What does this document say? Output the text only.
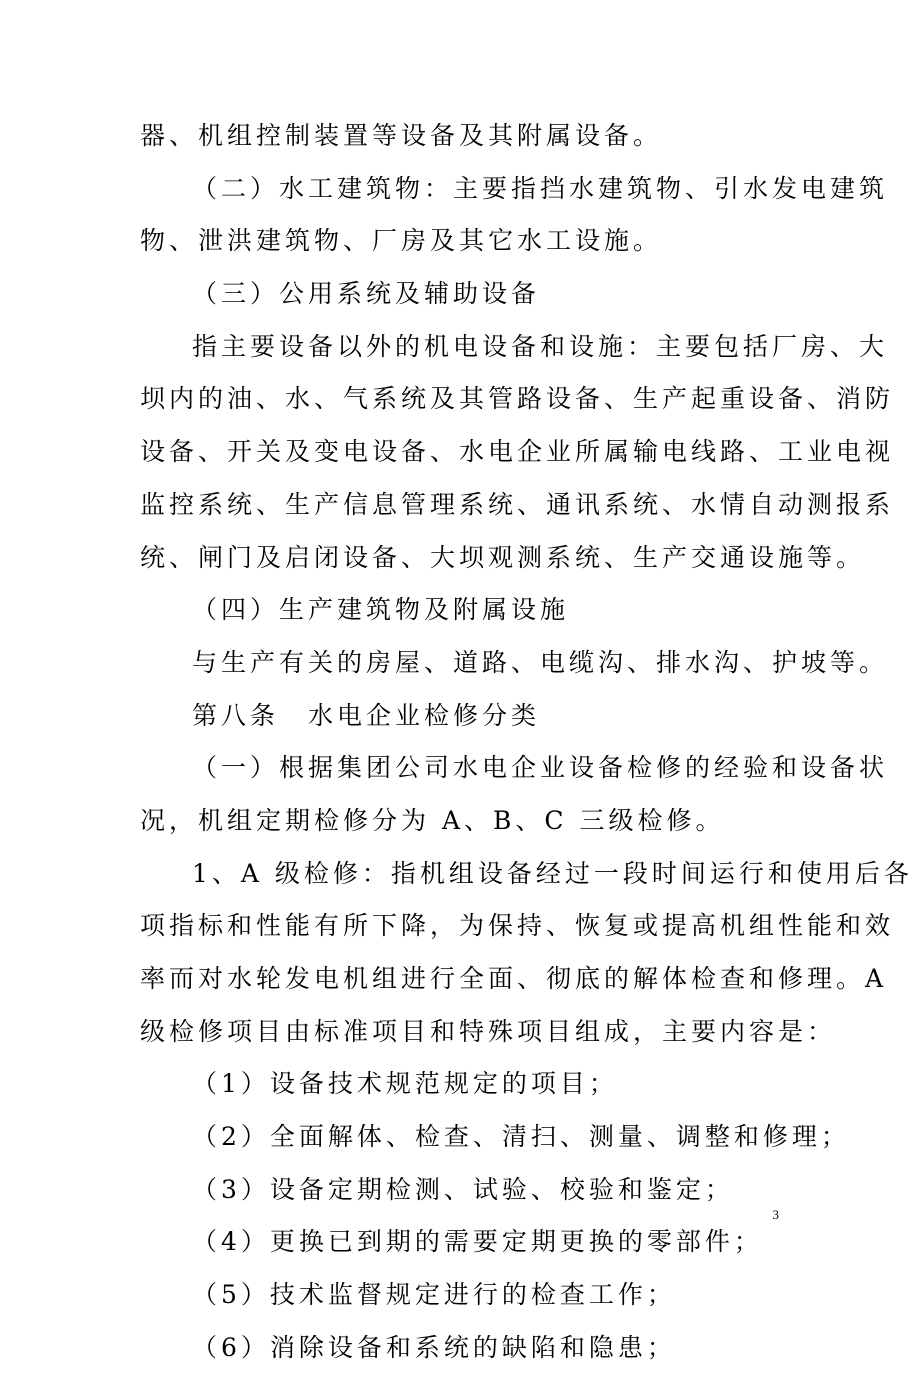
器、机组控制装置等设备及其附属设备。
（二）水工建筑物：主要指挡水建筑物、引水发电建筑
物、泄洪建筑物、厂房及其它水工设施。
（三）公用系统及辅助设备
指主要设备以外的机电设备和设施：主要包括厂房、大
坝内的油、水、气系统及其管路设备、生产起重设备、消防
设备、开关及变电设备、水电企业所属输电线路、工业电视
监控系统、生产信息管理系统、通讯系统、水情自动测报系
统、闸门及启闭设备、大坝观测系统、生产交通设施等。
（四）生产建筑物及附属设施
与生产有关的房屋、道路、电缆沟、排水沟、护坡等。
第八条　水电企业检修分类
（一）根据集团公司水电企业设备检修的经验和设备状
况，机组定期检修分为 A、B、C 三级检修。
1、A 级检修：指机组设备经过一段时间运行和使用后各
项指标和性能有所下降，为保持、恢复或提高机组性能和效
率而对水轮发电机组进行全面、彻底的解体检查和修理。A
级检修项目由标准项目和特殊项目组成，主要内容是：
（1）设备技术规范规定的项目；
（2）全面解体、检查、清扫、测量、调整和修理；
（3）设备定期检测、试验、校验和鉴定；
（4）更换已到期的需要定期更换的零部件；
（5）技术监督规定进行的检查工作；
（6）消除设备和系统的缺陷和隐患；
3
